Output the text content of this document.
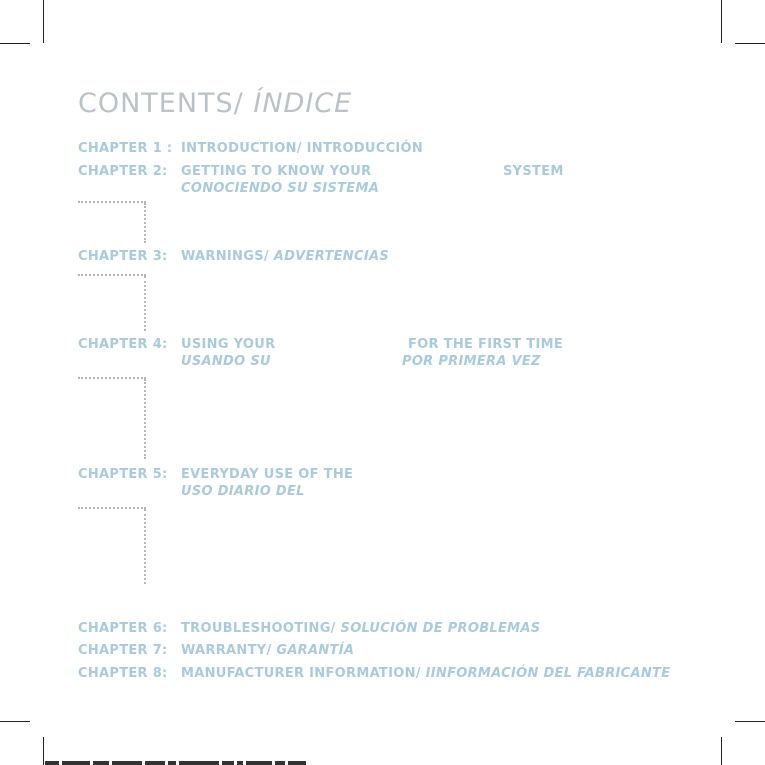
CONTENTS/ ÍNDICE
CHAPTER 1 : INTRODUCTION/ INTRODUCCIÓN
CHAPTER 2: GETTING TO KNOW YOUR	SYSTEM
CONOCIENDO SU SISTEMA
CHAPTER 3: WARNINGS/ ADVERTENCIAS
CHAPTER 4: USING YOUR	FOR THE FIRST TIME
USANDO SU	POR PRIMERA VEZ
CHAPTER 5: EVERYDAY USE OF THE
USO DIARIO DEL
CHAPTER 6: TROUBLESHOOTING/ SOLUCIÓN DE PROBLEMAS
CHAPTER 7: WARRANTY/ GARANTÍA
CHAPTER 8: MANUFACTURER INFORMATION/ IINFORMACIÓN DEL FABRICANTE
